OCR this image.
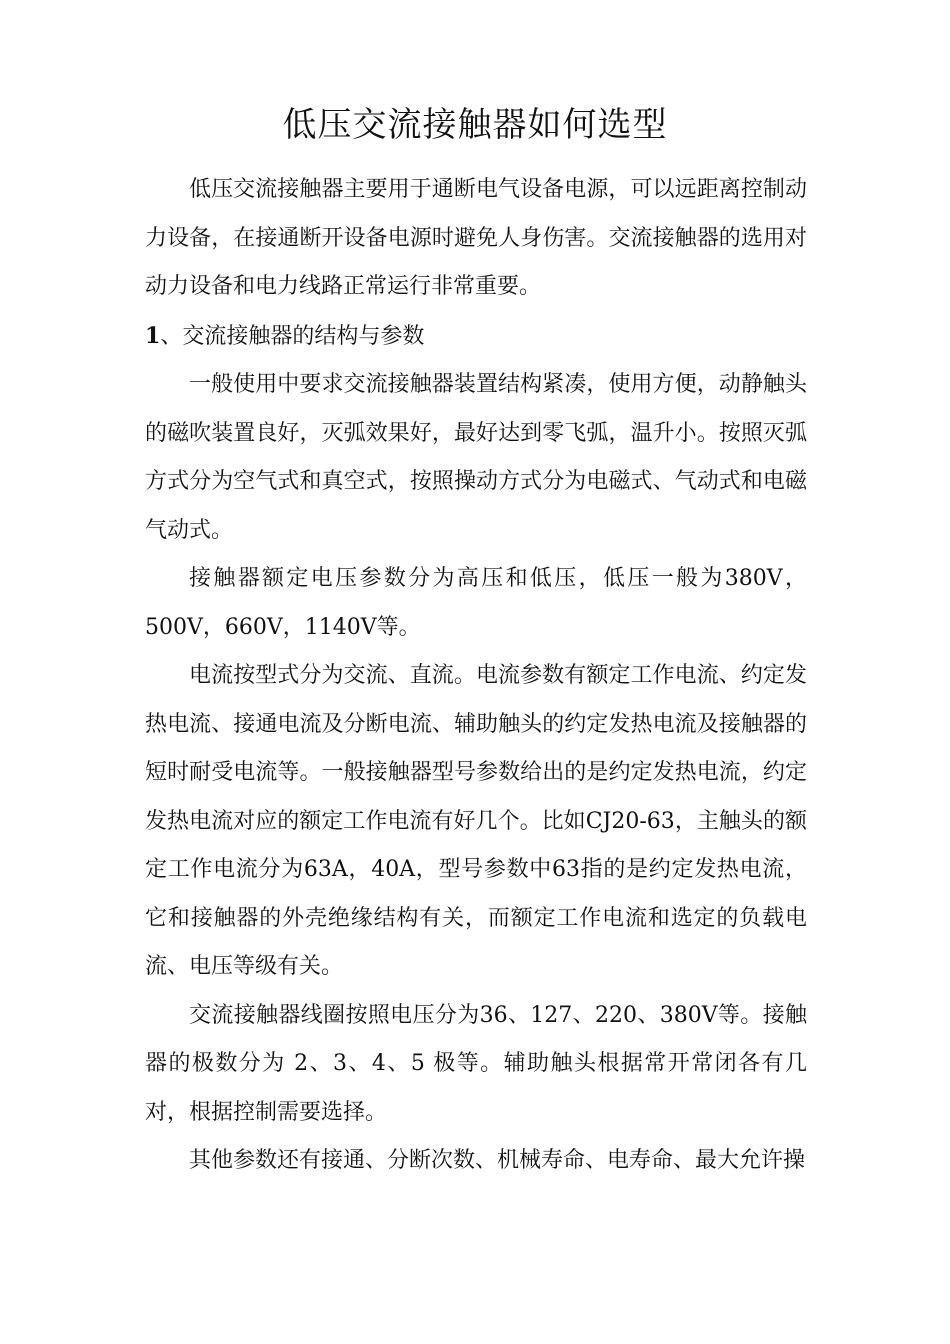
低压交流接触器如何选型

低压交流接触器主要用于通断电气设备电源，可以远距离控制动力设备，在接通断开设备电源时避免人身伤害。交流接触器的选用对动力设备和电力线路正常运行非常重要。

1、交流接触器的结构与参数

一般使用中要求交流接触器装置结构紧凑，使用方便，动静触头的磁吹装置良好，灭弧效果好，最好达到零飞弧，温升小。按照灭弧方式分为空气式和真空式，按照操动方式分为电磁式、气动式和电磁气动式。

接触器额定电压参数分为高压和低压，低压一般为380V，500V，660V，1140V等。

电流按型式分为交流、直流。电流参数有额定工作电流、约定发热电流、接通电流及分断电流、辅助触头的约定发热电流及接触器的短时耐受电流等。一般接触器型号参数给出的是约定发热电流，约定发热电流对应的额定工作电流有好几个。比如CJ20-63，主触头的额定工作电流分为63A，40A，型号参数中63指的是约定发热电流，它和接触器的外壳绝缘结构有关，而额定工作电流和选定的负载电流、电压等级有关。

交流接触器线圈按照电压分为36、127、220、380V等。接触器的极数分为 2、3、4、5 极等。辅助触头根据常开常闭各有几对，根据控制需要选择。

其他参数还有接通、分断次数、机械寿命、电寿命、最大允许操
